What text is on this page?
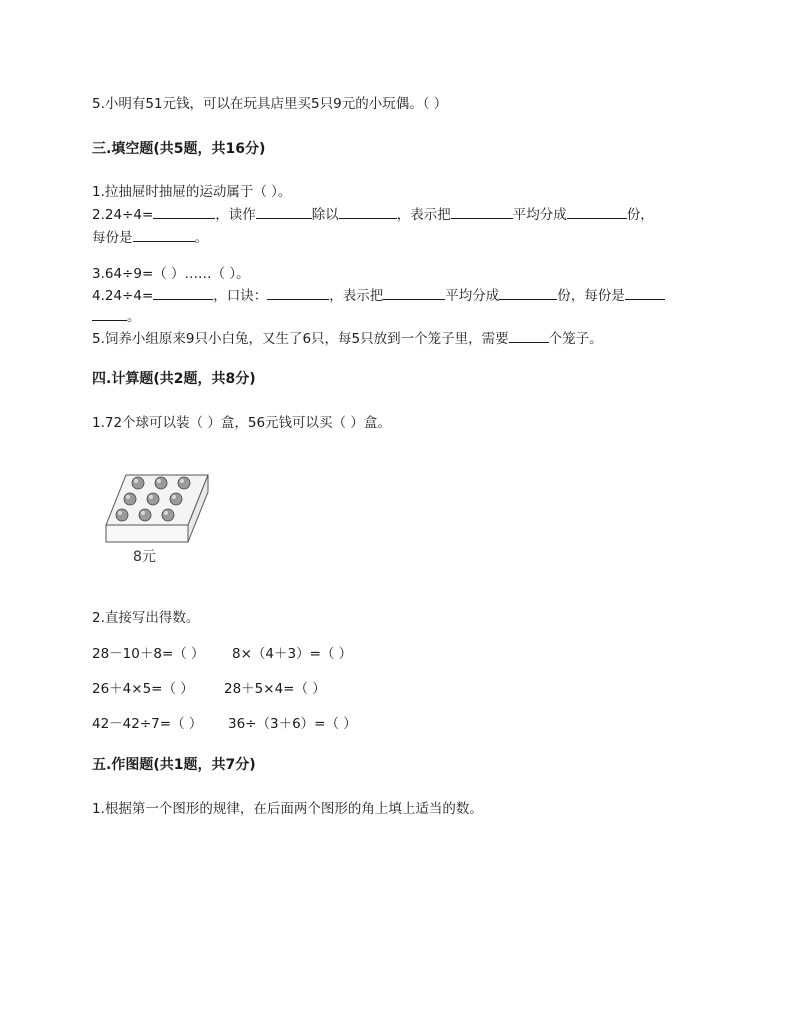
5.小明有51元钱，可以在玩具店里买5只9元的小玩偶。（ ）
三.填空题(共5题，共16分)
1.拉抽屉时抽屉的运动属于（ ）。
2.24÷4=	，读作	除以	，表示把	平均分成	份，
每份是	。
3.64÷9=（ ）……（ ）。
4.24÷4=	，口诀：	，表示把	平均分成	份，每份是
。
5.饲养小组原来9只小白兔，又生了6只，每5只放到一个笼子里，需要	个笼子。
四.计算题(共2题，共8分)
1.72个球可以装（ ）盒，56元钱可以买（ ）盒。
8元
2.直接写出得数。
28－10＋8=（ ） 8×（4＋3）=（ ）
26＋4×5=（ ） 28＋5×4=（ ）
42－42÷7=（ ） 36÷（3＋6）=（ ）
五.作图题(共1题，共7分)
1.根据第一个图形的规律，在后面两个图形的角上填上适当的数。
